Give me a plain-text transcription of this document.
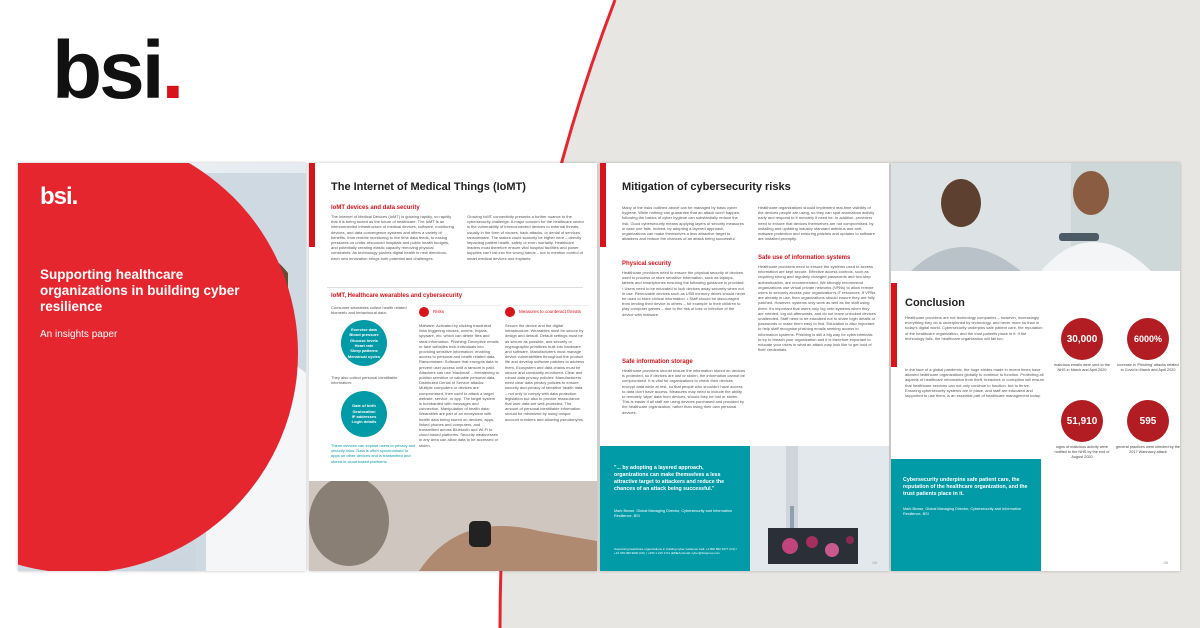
bsi.
bsi.
Supporting healthcare organizations in building cyber resilience
An insights paper
The Internet of Medical Things (IoMT)
IoMT devices and data security
The Internet of Medical Devices (IoMT) is growing rapidly, so rapidly that it is being touted as the future of healthcare. The IoMT is an interconnected infrastructure of medical devices, software, monitoring devices, and data convergence systems and offers a variety of benefits, from remote monitoring to live time data feeds, to easing pressures on under-resourced hospitals and public health budgets, and potentially creating elastic capacity removing physical constraints. As technology pushes digital health in new directions, each new innovation brings both potential and challenges.
Growing IoMT connectivity presents a further nuance to the cybersecurity challenge. A major concern for the healthcare sector is the vulnerability of interconnected devices to external threats, usually in the form of viruses, hack attacks, or denial of services ransomware. The stakes could scarcely be higher here – directly impacting patient health, safety or even mortality. Healthcare leaders must therefore ensure vital hospital facilities and power supplies can't fall into the wrong hands – not to mention control of smart medical devices and implants.
IoMT, Healthcare wearables and cybersecurity
Consumer wearables collect health related biometric and behavioural data:
Exercise data
Blood pressure
Glucose levels
Heart rate
Sleep patterns
Menstrual cycles
They also collect personal identifiable information:
Date of birth
Geolocation
IP addresses
Login details
These devices can expose users to privacy and security risks. Data is often synchronised to apps on other devices and is transmitted and stored in cloud based platforms.
Risks	Measures to counteract threats
Malware: Activated by clicking fraudulent links triggering viruses, worms, trojans, spyware, etc. which can delete files and steal information. Phishing: Deceptive emails or fake websites trick individuals into providing sensitive information, enabling access to personal and health related data. Ransomware: Software that encrypts data to prevent user access until a ransom is paid. Attackers can use 'blackmail' – threatening to publish sensitive or valuable personal data. Distributed Denial of Service attacks: Multiple computers or devices are compromised, then used to attack a target website, service, or app. The target system is bombarded with messages and connection. Manipulation of health data: Wearables are part of an ecosystem with health data being stored on devices, apps, linked phones and computers, and transmitted across Bluetooth and Wi-Fi to cloud based platforms. Security weaknesses in any area can allow data to be accessed or stolen.
Secure the device and the digital infrastructure: Wearables must be secure by design and default. Default settings must be as secure as possible, and security or cryptographic primitives built into hardware and software. Manufacturers must manage device vulnerabilities throughout the product life and develop software patches to address them. Ecosystem and data chains must be secure and constantly monitored. Clear and robust data privacy policies: Manufacturers need clear data privacy policies to ensure security and privacy of sensitive health data – not only to comply with data protection legislation but also to provide reassurance that user data are well-protected. The amount of personal identifiable information should be minimized by using unique account numbers and allowing pseudonyms.
Mitigation of cybersecurity risks
Many of the risks outlined above can be managed by basic cyber hygiene. While nothing can guarantee that an attack won't happen, following the basics of cyber hygiene can substantially reduce the risk. Good cybersecurity means applying layers of security measures in case one fails. Indeed, by adopting a layered approach, organizations can make themselves a less attractive target to attackers and reduce the chances of an attack being successful.
Physical security
Healthcare providers need to ensure the physical security of devices used to process or store sensitive information, such as laptops, tablets and smartphones ensuring the following guidance is provided: • Users need to be educated to lock devices away securely when not in use. Removable devices such as USB memory drives should never be used to store clinical information. • Staff should be discouraged from lending their device to others – for example to their children to play computer games – due to the risk of loss or infection of the device with malware.
Safe information storage
Healthcare providers should ensure the information stored on devices is protected, so if devices are lost or stolen, the information cannot be compromised. It is vital for organizations to check their devices encrypt data while at rest, so that people who shouldn't have access to data don't have access. Measures may need to include the ability to remotely 'wipe' data from devices, should they be lost or stolen. This is easier if all staff are using devices purchased and provided by the healthcare organization, rather than using their own personal devices.
Healthcare organizations should implement real-time visibility of the devices people are using, so they can spot anomalous activity early and respond to it remotely if need be. In addition, providers need to ensure that devices themselves are not compromised, by installing and updating industry standard antivirus and anti-malware protection and ensuring patches and updates to software are installed promptly.
Safe use of information systems
Healthcare providers need to ensure the systems used to access information are kept secure. Effective access controls, such as requiring strong and regularly changed passwords and two-step authentication, are recommended. We strongly recommend organizations use virtual private networks (VPNs) to allow remote users to securely access your organization's IT resources. If VPNs are already in use, then organizations should ensure they are fully patched. However, systems only work as well as the staff using them. It's important that users only log onto systems when they are needed, log out afterwards, and do not leave unlocked devices unattended. Staff need to be educated not to share login details or passwords or make them easy to find. Education is also important to help staff recognise phishing emails seeking access to information systems. Phishing is still a big way for cybercriminals to try to breach your organization and it is therefore important to educate your users in what an attack may look like to get hold of their credentials.
"... by adopting a layered approach, organizations can make themselves a less attractive target to attackers and reduce the chances of an attack being successful."
Mark Brown, Global Managing Director, Cybersecurity and Information Resilience, BSI
Supporting healthcare organizations in building cyber resilience Call: +1 800 862 4977 (US) / +44 345 080 9000 (UK) / +353 1 210 1711 (EMEA) Email: cyber@bsigroup.com
04
Conclusion
Healthcare providers are not technology companies – however, increasingly everything they do is underpinned by technology, and never more so than in today's digital world. Cybersecurity underpins safe patient care, the reputation of the healthcare organization, and the trust patients place in it. If the technology fails, the healthcare organization will fail too.
In the face of a global pandemic, the huge strides made in recent times have allowed healthcare organizations globally to continue to function. Protecting all aspects of healthcare information from theft, breaches or corruption will ensure that healthcare services can not only continue to function, but to thrive. Ensuring cybersecurity systems are in place, and staff are educated and supported to use them, is an essential part of healthcare management today.
30,000
malicious emails were sent to the NHS in March and April 2020
6000%
increase in 'Phishing' attacks related to Covid in March and April 2020
51,910
signs of malicious activity were notified to the NHS by the end of August 2020
595
general practices were infected by the 2017 Wannacry attack
Cybersecurity underpins safe patient care, the reputation of the healthcare organization, and the trust patients place in it.
Mark Brown, Global Managing Director, Cybersecurity and Information Resilience, BSI
06
